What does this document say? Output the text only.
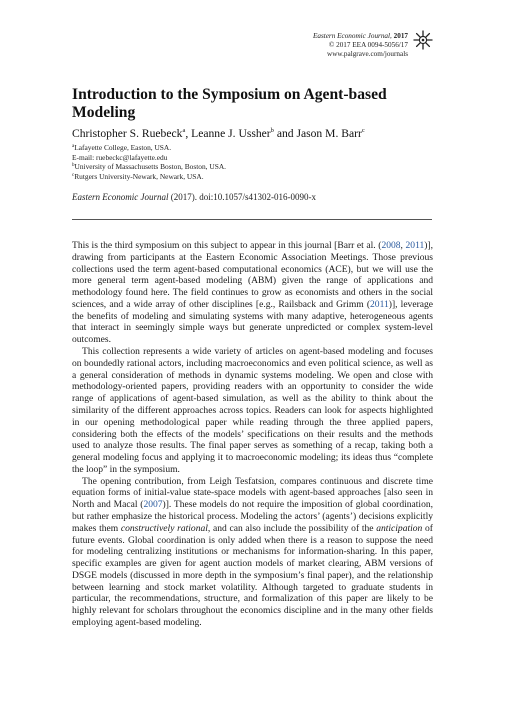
Eastern Economic Journal, 2017
© 2017 EEA 0094-5056/17
www.palgrave.com/journals
Introduction to the Symposium on Agent-based Modeling
Christopher S. Ruebeck$^a$, Leanne J. Ussher$^b$ and Jason M. Barr$^c$
$^a$Lafayette College, Easton, USA.
E-mail: ruebeckc@lafayette.edu
$^b$University of Massachusetts Boston, Boston, USA.
$^c$Rutgers University-Newark, Newark, USA.
Eastern Economic Journal (2017). doi:10.1057/s41302-016-0090-x

This is the third symposium on this subject to appear in this journal [Barr et al. (2008, 2011)], drawing from participants at the Eastern Economic Association Meetings. Those previous collections used the term agent-based computational economics (ACE), but we will use the more general term agent-based modeling (ABM) given the range of applications and methodology found here. The field continues to grow as economists and others in the social sciences, and a wide array of other disciplines [e.g., Railsback and Grimm (2011)], leverage the benefits of modeling and simulating systems with many adaptive, heterogeneous agents that interact in seemingly simple ways but generate unpredicted or complex system-level outcomes.

This collection represents a wide variety of articles on agent-based modeling and focuses on boundedly rational actors, including macroeconomics and even political science, as well as a general consideration of methods in dynamic systems modeling. We open and close with methodology-oriented papers, providing readers with an opportunity to consider the wide range of applications of agent-based simulation, as well as the ability to think about the similarity of the different approaches across topics. Readers can look for aspects highlighted in our opening methodological paper while reading through the three applied papers, considering both the effects of the models’ specifications on their results and the methods used to analyze those results. The final paper serves as something of a recap, taking both a general modeling focus and applying it to macroeconomic modeling; its ideas thus “complete the loop” in the symposium.

The opening contribution, from Leigh Tesfatsion, compares continuous and discrete time equation forms of initial-value state-space models with agent-based approaches [also seen in North and Macal (2007)]. These models do not require the imposition of global coordination, but rather emphasize the historical process. Modeling the actors’ (agents’) decisions explicitly makes them constructively rational, and can also include the possibility of the anticipation of future events. Global coordination is only added when there is a reason to suppose the need for modeling centralizing institutions or mechanisms for information-sharing. In this paper, specific examples are given for agent auction models of market clearing, ABM versions of DSGE models (discussed in more depth in the symposium’s final paper), and the relationship between learning and stock market volatility. Although targeted to graduate students in particular, the recommendations, structure, and formalization of this paper are likely to be highly relevant for scholars throughout the economics discipline and in the many other fields employing agent-based modeling.
